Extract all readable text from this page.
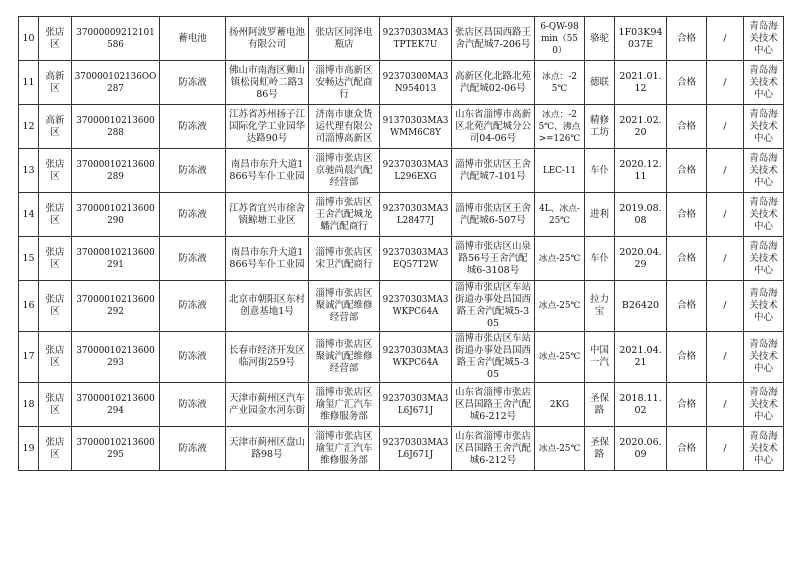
10	张店区	37000009212101586	蓄电池	扬州阿波罗蓄电池有限公司	张店区同泽电瓶店	92370303MA3TPTEK7U	张店区昌国西路王舍汽配城7-206号	6-QW-98min（550）	骆驼	1F03K94037E	合格	/	青岛海关技术中心
11	高新区	370000102136OO287	防冻液	佛山市南海区狮山镇松岗虹岭二路386号	淄博市高新区安畅达汽配商行	92370300MA3N954013	高新区化北路北苑汽配城02-06号	冰点：-25℃	德联	2021.01.12	合格	/	青岛海关技术中心
12	高新区	37000010213600288	防冻液	江苏省苏州扬子江国际化学工业园华达路90号	济南市康众货运代理有限公司淄博高新区	91370303MA3WMM6C8Y	山东省淄博市高新区北苑汽配城分公司04-06号	冰点：-25℃、沸点>=126℃	精修工坊	2021.02.20	合格	/	青岛海关技术中心
13	张店区	37000010213600289	防冻液	南昌市东升大道1866号车仆工业园	淄博市张店区京驰尚晨汽配经营部	92370303MA3L296EXG	淄博市张店区王舍汽配城7-101号	LEC-11	车仆	2020.12.11	合格	/	青岛海关技术中心
14	张店区	37000010213600290	防冻液	江苏省宜兴市徐舍镇鲸塘工业区	淄博市张店区王舍汽配城龙蟠汽配商行	92370303MA3L28477J	淄博市张店区王舍汽配城6-507号	4L、冰点-25℃	进利	2019.08.08	合格	/	青岛海关技术中心
15	张店区	37000010213600291	防冻液	南昌市东升大道1866号车仆工业园	淄博市张店区宋卫汽配商行	92370303MA3EQ57T2W	淄博市张店区山泉路56号王舍汽配城6-3108号	冰点-25℃	车仆	2020.04.29	合格	/	青岛海关技术中心
16	张店区	37000010213600292	防冻液	北京市朝阳区东村创意基地1号	淄博市张店区聚诚汽配维修经营部	92370303MA3WKPC64A	淄博市张店区车站街道办事处昌国西路王舍汽配城5-305	冰点-25℃	拉力宝	B26420	合格	/	青岛海关技术中心
17	张店区	37000010213600293	防冻液	长春市经济开发区临河街259号	淄博市张店区聚诚汽配维修经营部	92370303MA3WKPC64A	淄博市张店区车站街道办事处昌国西路王舍汽配城5-305	冰点-25℃	中国一汽	2021.04.21	合格	/	青岛海关技术中心
18	张店区	37000010213600294	防冻液	天津市蓟州区汽车产业园金水河东街	淄博市张店区瑜玺广汇汽车维修服务部	92370303MA3L6J671J	山东省淄博市张店区昌国路王舍汽配城6-212号	2KG	圣保路	2018.11.02	合格	/	青岛海关技术中心
19	张店区	37000010213600295	防冻液	天津市蓟州区盘山路98号	淄博市张店区瑜玺广汇汽车维修服务部	92370303MA3L6J671J	山东省淄博市张店区昌国路王舍汽配城6-212号	冰点-25℃	圣保路	2020.06.09	合格	/	青岛海关技术中心
